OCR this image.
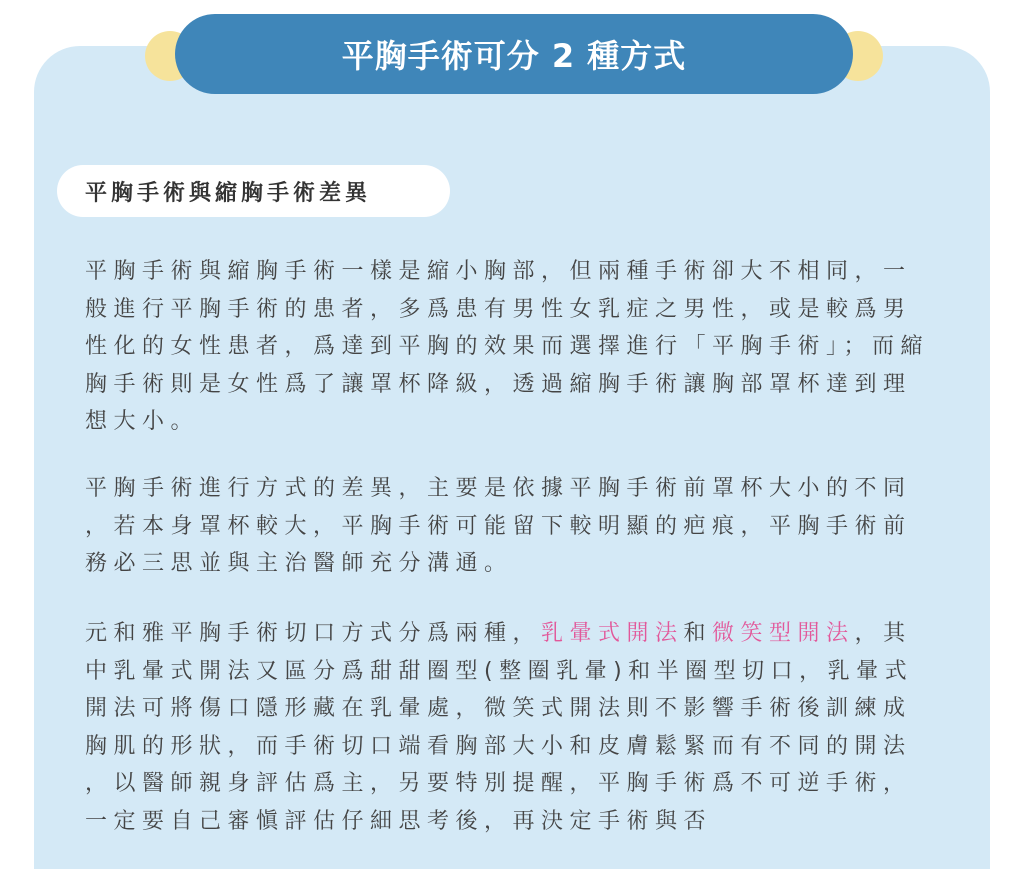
平胸手術可分 2 種方式
平胸手術與縮胸手術差異

平胸手術與縮胸手術一樣是縮小胸部，但兩種手術卻大不相同，一
般進行平胸手術的患者，多爲患有男性女乳症之男性，或是較爲男
性化的女性患者，爲達到平胸的效果而選擇進行「平胸手術」；而縮
胸手術則是女性爲了讓罩杯降級，透過縮胸手術讓胸部罩杯達到理
想大小。

平胸手術進行方式的差異，主要是依據平胸手術前罩杯大小的不同
，若本身罩杯較大，平胸手術可能留下較明顯的疤痕，平胸手術前
務必三思並與主治醫師充分溝通。

元和雅平胸手術切口方式分爲兩種，乳暈式開法和微笑型開法，其
中乳暈式開法又區分爲甜甜圈型(整圈乳暈)和半圈型切口，乳暈式
開法可將傷口隱形藏在乳暈處，微笑式開法則不影響手術後訓練成
胸肌的形狀，而手術切口端看胸部大小和皮膚鬆緊而有不同的開法
，以醫師親身評估爲主，另要特別提醒，平胸手術爲不可逆手術，
一定要自己審愼評估仔細思考後，再決定手術與否
